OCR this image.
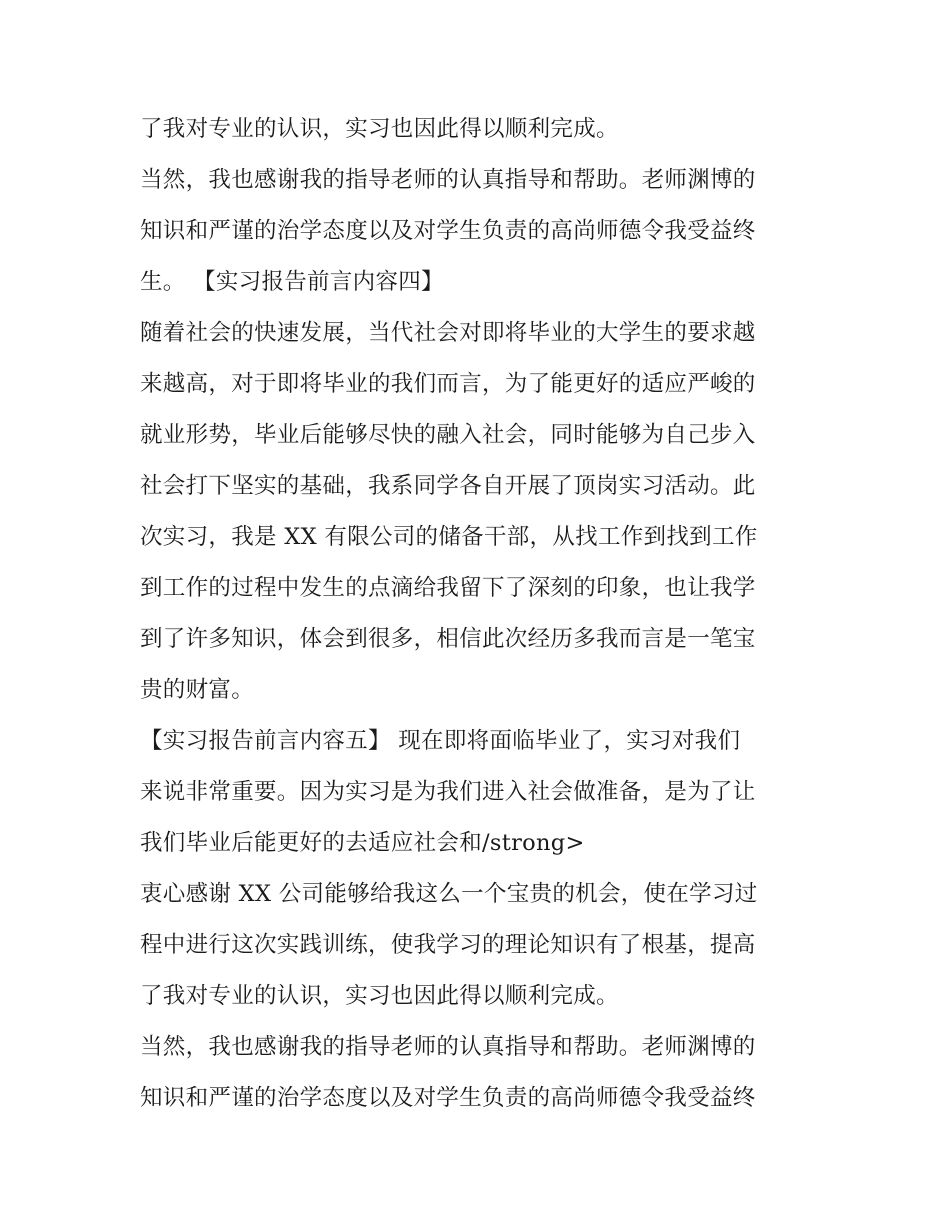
了我对专业的认识，实习也因此得以顺利完成。
当然，我也感谢我的指导老师的认真指导和帮助。老师渊博的
知识和严谨的治学态度以及对学生负责的高尚师德令我受益终
生。 【实习报告前言内容四】
随着社会的快速发展，当代社会对即将毕业的大学生的要求越
来越高，对于即将毕业的我们而言，为了能更好的适应严峻的
就业形势，毕业后能够尽快的融入社会，同时能够为自己步入
社会打下坚实的基础，我系同学各自开展了顶岗实习活动。此
次实习，我是 XX 有限公司的储备干部，从找工作到找到工作
到工作的过程中发生的点滴给我留下了深刻的印象，也让我学
到了许多知识，体会到很多，相信此次经历多我而言是一笔宝
贵的财富。
【实习报告前言内容五】 现在即将面临毕业了，实习对我们
来说非常重要。因为实习是为我们进入社会做准备，是为了让
我们毕业后能更好的去适应社会和/strong>
衷心感谢 XX 公司能够给我这么一个宝贵的机会，使在学习过
程中进行这次实践训练，使我学习的理论知识有了根基，提高
了我对专业的认识，实习也因此得以顺利完成。
当然，我也感谢我的指导老师的认真指导和帮助。老师渊博的
知识和严谨的治学态度以及对学生负责的高尚师德令我受益终
